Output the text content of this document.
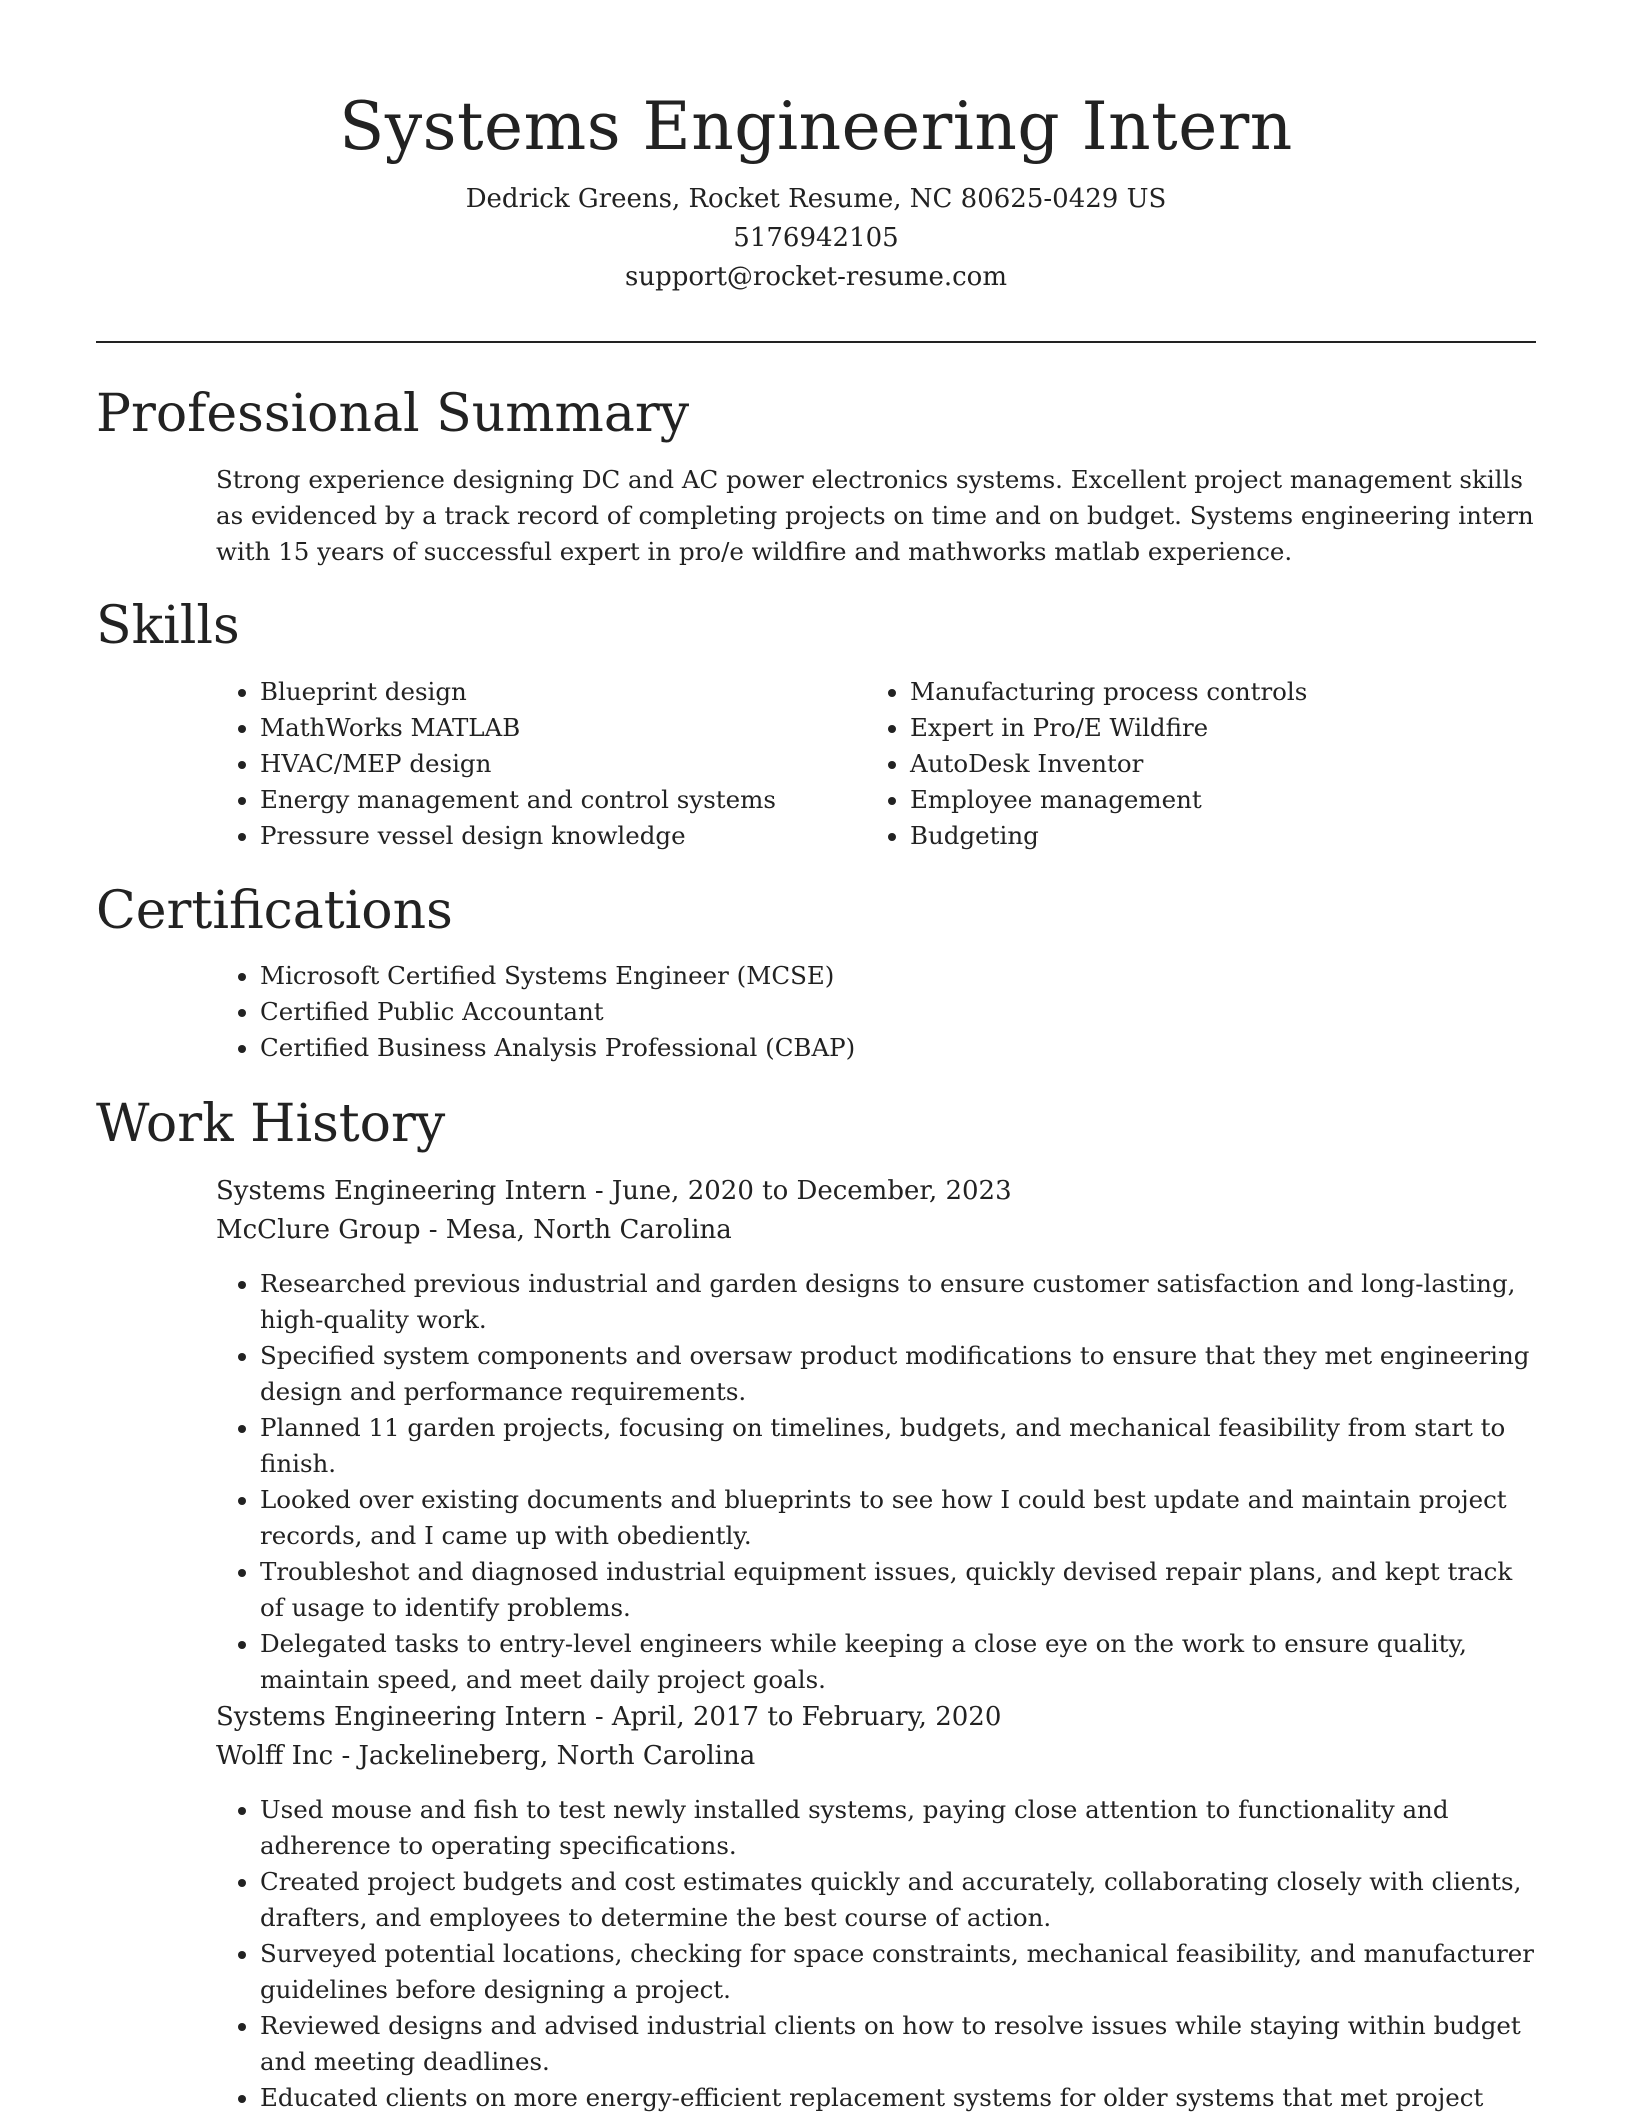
Systems Engineering Intern
Dedrick Greens, Rocket Resume, NC 80625-0429 US
5176942105
support@rocket-resume.com
Professional Summary
Strong experience designing DC and AC power electronics systems. Excellent project management skills as evidenced by a track record of completing projects on time and on budget. Systems engineering intern with 15 years of successful expert in pro/e wildfire and mathworks matlab experience.
Skills
• Blueprint design
• MathWorks MATLAB
• HVAC/MEP design
• Energy management and control systems
• Pressure vessel design knowledge
• Manufacturing process controls
• Expert in Pro/E Wildfire
• AutoDesk Inventor
• Employee management
• Budgeting
Certifications
• Microsoft Certified Systems Engineer (MCSE)
• Certified Public Accountant
• Certified Business Analysis Professional (CBAP)
Work History
Systems Engineering Intern - June, 2020 to December, 2023
McClure Group - Mesa, North Carolina
• Researched previous industrial and garden designs to ensure customer satisfaction and long-lasting, high-quality work.
• Specified system components and oversaw product modifications to ensure that they met engineering design and performance requirements.
• Planned 11 garden projects, focusing on timelines, budgets, and mechanical feasibility from start to finish.
• Looked over existing documents and blueprints to see how I could best update and maintain project records, and I came up with obediently.
• Troubleshot and diagnosed industrial equipment issues, quickly devised repair plans, and kept track of usage to identify problems.
• Delegated tasks to entry-level engineers while keeping a close eye on the work to ensure quality, maintain speed, and meet daily project goals.
Systems Engineering Intern - April, 2017 to February, 2020
Wolff Inc - Jackelineberg, North Carolina
• Used mouse and fish to test newly installed systems, paying close attention to functionality and adherence to operating specifications.
• Created project budgets and cost estimates quickly and accurately, collaborating closely with clients, drafters, and employees to determine the best course of action.
• Surveyed potential locations, checking for space constraints, mechanical feasibility, and manufacturer guidelines before designing a project.
• Reviewed designs and advised industrial clients on how to resolve issues while staying within budget and meeting deadlines.
• Educated clients on more energy-efficient replacement systems for older systems that met project
